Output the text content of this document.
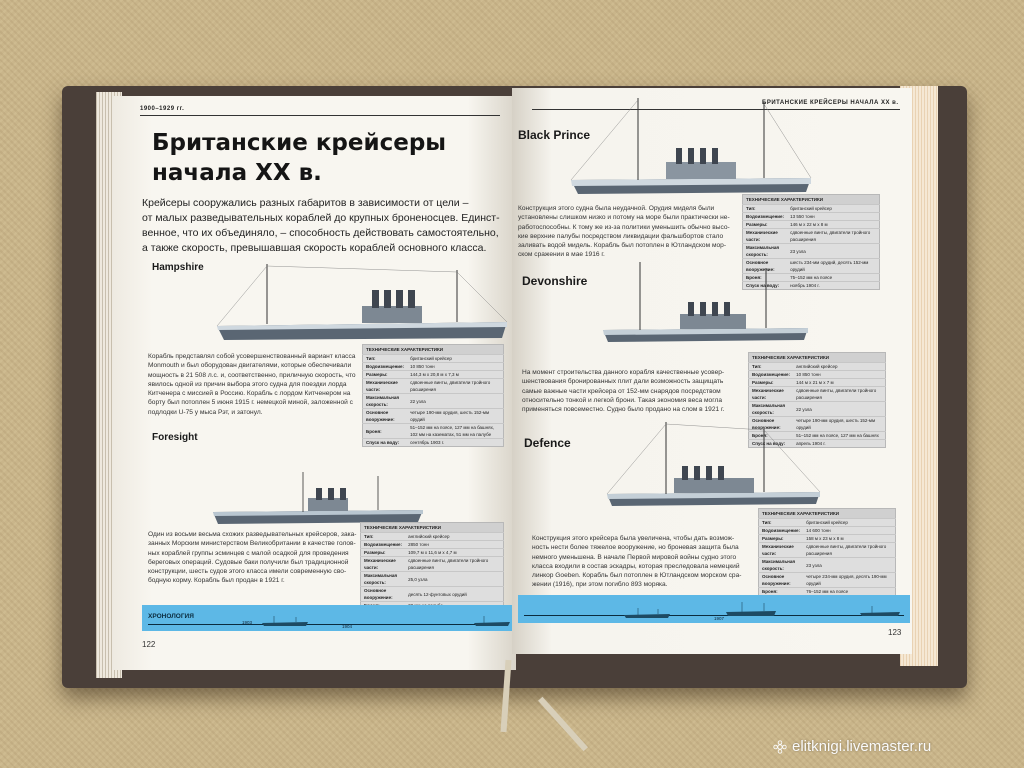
1900–1929 гг.
Британские крейсеры
начала XX в.
Крейсеры сооружались разных габаритов в зависимости от цели –
от малых разведывательных кораблей до крупных броненосцев. Единст-
венное, что их объединяло, – способность действовать самостоятельно,
а также скорость, превышавшая скорость кораблей основного класса.
Hampshire
Корабль представлял собой усовершенствованный вариант класса
Monmouth и был оборудован двигателями, которые обеспечивали
мощность в 21 508 л.с. и, соответственно, приличную скорость, что
явилось одной из причин выбора этого судна для поездки лорда
Китченера с миссией в Россию. Корабль с лордом Китченером на
борту был потоплен 5 июня 1915 г. немецкой миной, заложенной с
подлодки U-75 у мыса Рэт, и затонул.
ТЕХНИЧЕСКИЕ ХАРАКТЕРИСТИКИ	
Тип:	британский крейсер
Водоизмещение:	10 850 тонн
Размеры:	144,3 м х 20,8 м х 7,3 м
Механические части:	сдвоенные винты, двигатели тройного расширения
Максимальная скорость:	22 узла
Основное вооружение:	четыре 190-мм орудия, шесть 152-мм орудий
Броня:	51–152 мм на поясе, 127 мм на башнях, 102 мм на казематах, 51 мм на палубе
Спуск на воду:	сентябрь 1903 г.
Foresight
Один из восьми весьма схожих разведывательных крейсеров, зака-
занных Морским министерством Великобритании в качестве голов-
ных кораблей группы эсминцев с малой осадкой для проведения
береговых операций. Судовые баки получили был традиционной
конструкции, шесть судов этого класса имели современную сво-
бодную корму. Корабль был продан в 1921 г.
ТЕХНИЧЕСКИЕ ХАРАКТЕРИСТИКИ	
Тип:	английский крейсер
Водоизмещение:	2850 тонн
Размеры:	109,7 м х 11,6 м х 4,7 м
Механические части:	сдвоенные винты, двигатели тройного расширения
Максимальная скорость:	25,0 узла
Основное вооружение:	десять 12-фунтовых орудий

122
ХРОНОЛОГИЯ
1903
1904
БРИТАНСКИЕ КРЕЙСЕРЫ НАЧАЛА XX в.
Black Prince
Конструкция этого судна была неудачной. Орудия миделя были
установлены слишком низко и потому на море были практически не-
работоспособны. К тому же из-за политики уменьшить обычно высо-
кие верхние палубы посредством ликвидации фальшбортов стало
заливать водой мидель. Корабль был потоплен в Ютландском мор-
ском сражении в мае 1916 г.
ТЕХНИЧЕСКИЕ ХАРАКТЕРИСТИКИ	
Тип:	британский крейсер
Водоизмещение:	13 550 тонн
Размеры:	146 м х 22 м х 8 м
Механические части:	сдвоенные винты, двигатели тройного расширения
Максимальная скорость:	23 узла
Основное вооружение:	шесть 234-мм орудий, десять 152-мм орудий
Броня:	75–152 мм на поясе
Спуск на воду:	ноябрь 1904 г.
Devonshire
На момент строительства данного корабля качественные усовер-
шенствования бронированных плит дали возможность защищать
самые важные части крейсера от 152-мм снарядов посредством
относительно тонкой и легкой брони. Такая экономия веса могла
применяться повсеместно. Судно было продано на слом в 1921 г.
ТЕХНИЧЕСКИЕ ХАРАКТЕРИСТИКИ	
Тип:	английский крейсер
Водоизмещение:	10 850 тонн
Размеры:	144 м х 21 м х 7 м
Механические части:	сдвоенные винты, двигатели тройного расширения
Максимальная скорость:	22 узла
Основное вооружение:	четыре 190-мм орудия, шесть 152-мм орудий
Броня:	51–152 мм на поясе, 127 мм на башнях
Спуск на воду:	апрель 1904 г.
Defence
Конструкция этого крейсера была увеличена, чтобы дать возмож-
ность нести более тяжелое вооружение, но броневая защита была
немного уменьшена. В начале Первой мировой войны судно этого
класса входили в состав эскадры, которая преследовала немецкий
линкор Goeben. Корабль был потоплен в Ютландском морском сра-
жении (1916), при этом погибло 893 моряка.
ТЕХНИЧЕСКИЕ ХАРАКТЕРИСТИКИ	
Тип:	британский крейсер
Водоизмещение:	14 600 тонн
Размеры:	158 м х 23 м х 8 м
Механические части:	сдвоенные винты, двигатели тройного расширения
Максимальная скорость:	23 узла
Основное вооружение:	четыре 234-мм орудия, десять 190-мм орудий
Броня:	76–152 мм на поясе

123
1907
elitknigi.livemaster.ru
